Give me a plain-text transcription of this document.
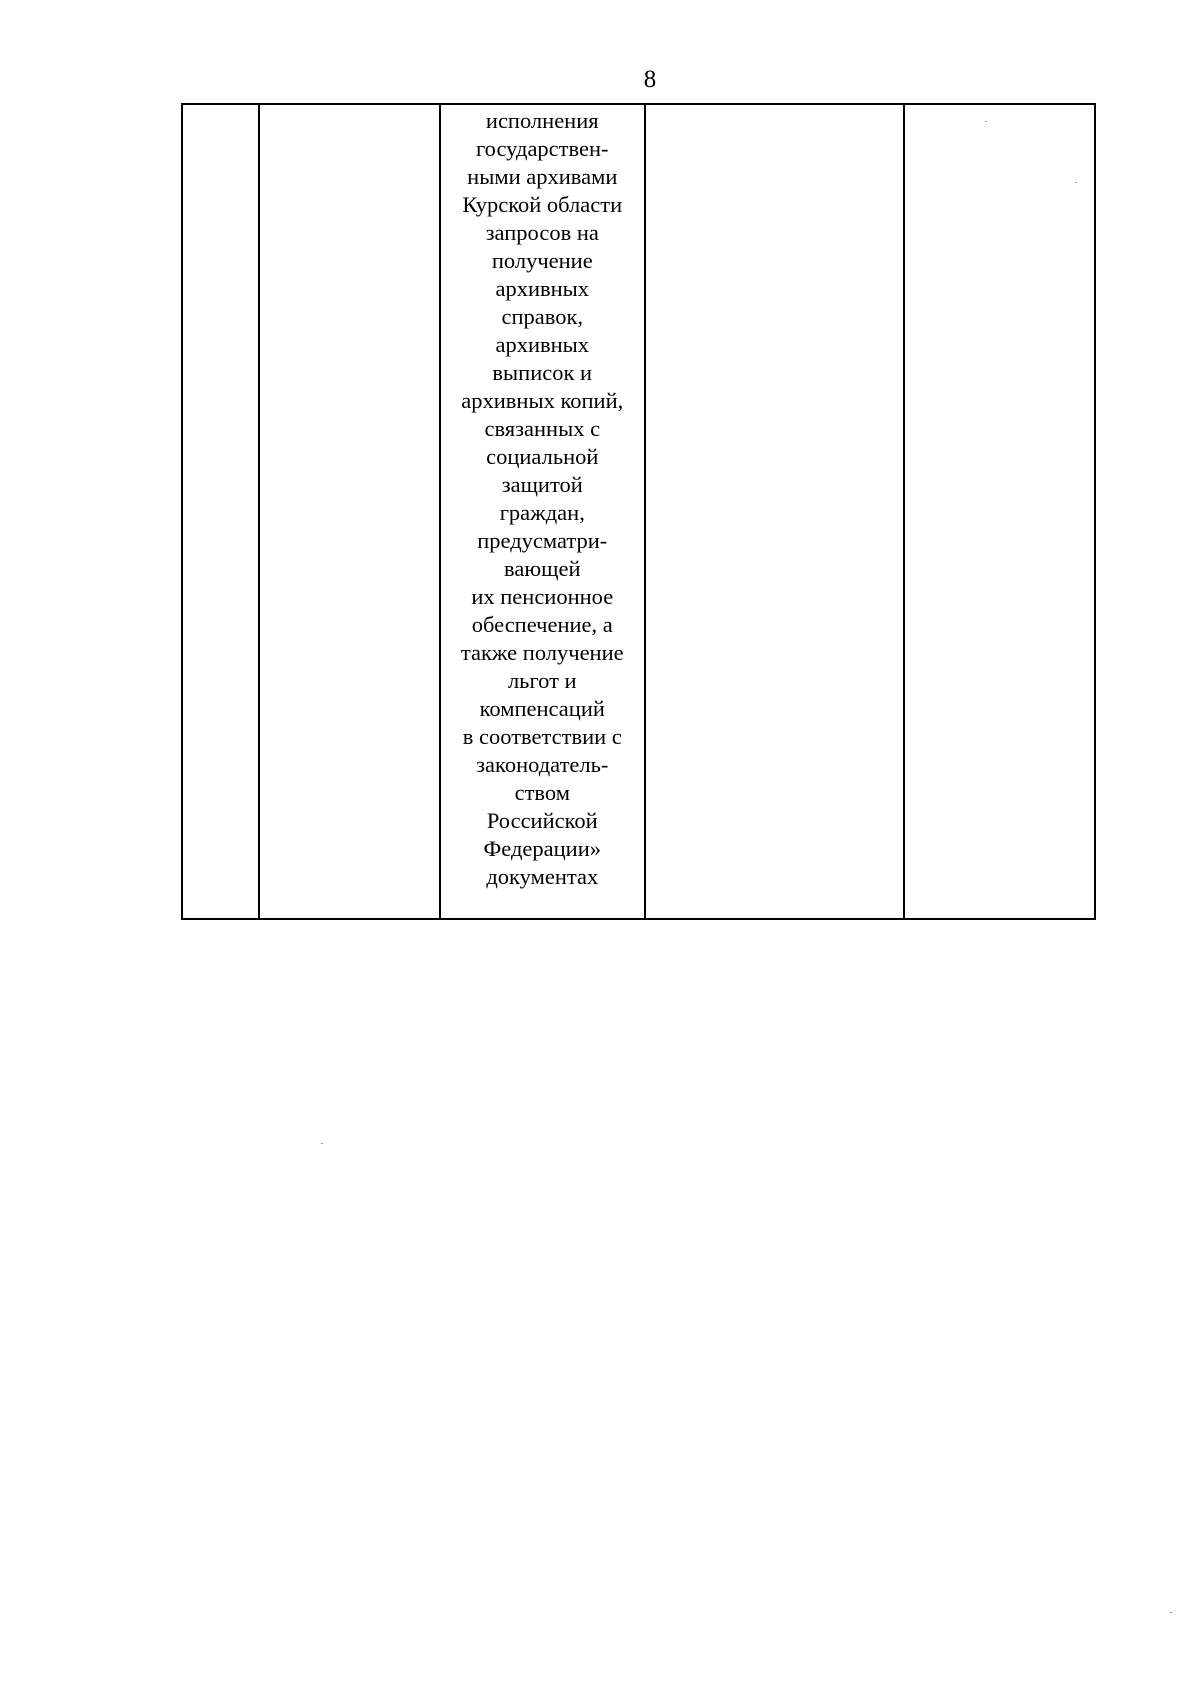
8

исполнения
государствен-
ными архивами
Курской области
запросов на
получение
архивных
справок,
архивных
выписок и
архивных копий,
связанных с
социальной
защитой
граждан,
предусматри-
вающей
их пенсионное
обеспечение, а
также получение
льгот и
компенсаций
в соответствии с
законодатель-
ством
Российской
Федерации»
документах
